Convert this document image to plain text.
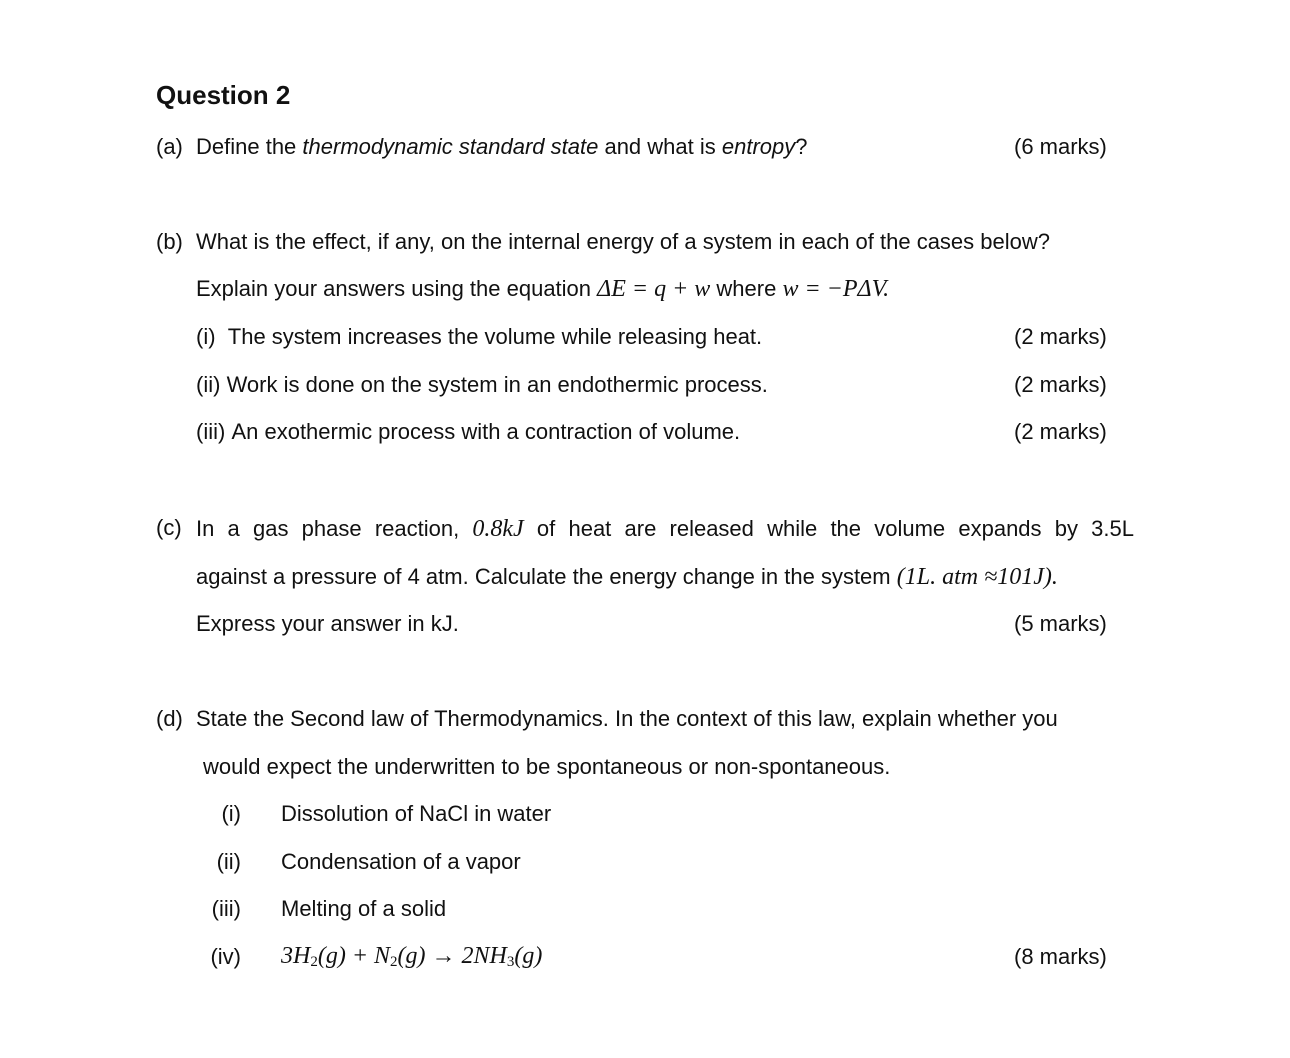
Question 2
(a) Define the thermodynamic standard state and what is entropy?	(6 marks)
(b) What is the effect, if any, on the internal energy of a system in each of the cases below?
Explain your answers using the equation ΔE = q + w where w = −PΔV.
(i) The system increases the volume while releasing heat.	(2 marks)
(ii) Work is done on the system in an endothermic process.	(2 marks)
(iii) An exothermic process with a contraction of volume.	(2 marks)
(c) In a gas phase reaction, 0.8kJ of heat are released while the volume expands by 3.5L
against a pressure of 4 atm. Calculate the energy change in the system (1L. atm ≈101J).
Express your answer in kJ.	(5 marks)
(d) State the Second law of Thermodynamics. In the context of this law, explain whether you
would expect the underwritten to be spontaneous or non-spontaneous.
(i) Dissolution of NaCl in water
(ii) Condensation of a vapor
(iii) Melting of a solid
(iv) $3H_2(g) + N_2(g) \to 2NH_3(g)$	(8 marks)
